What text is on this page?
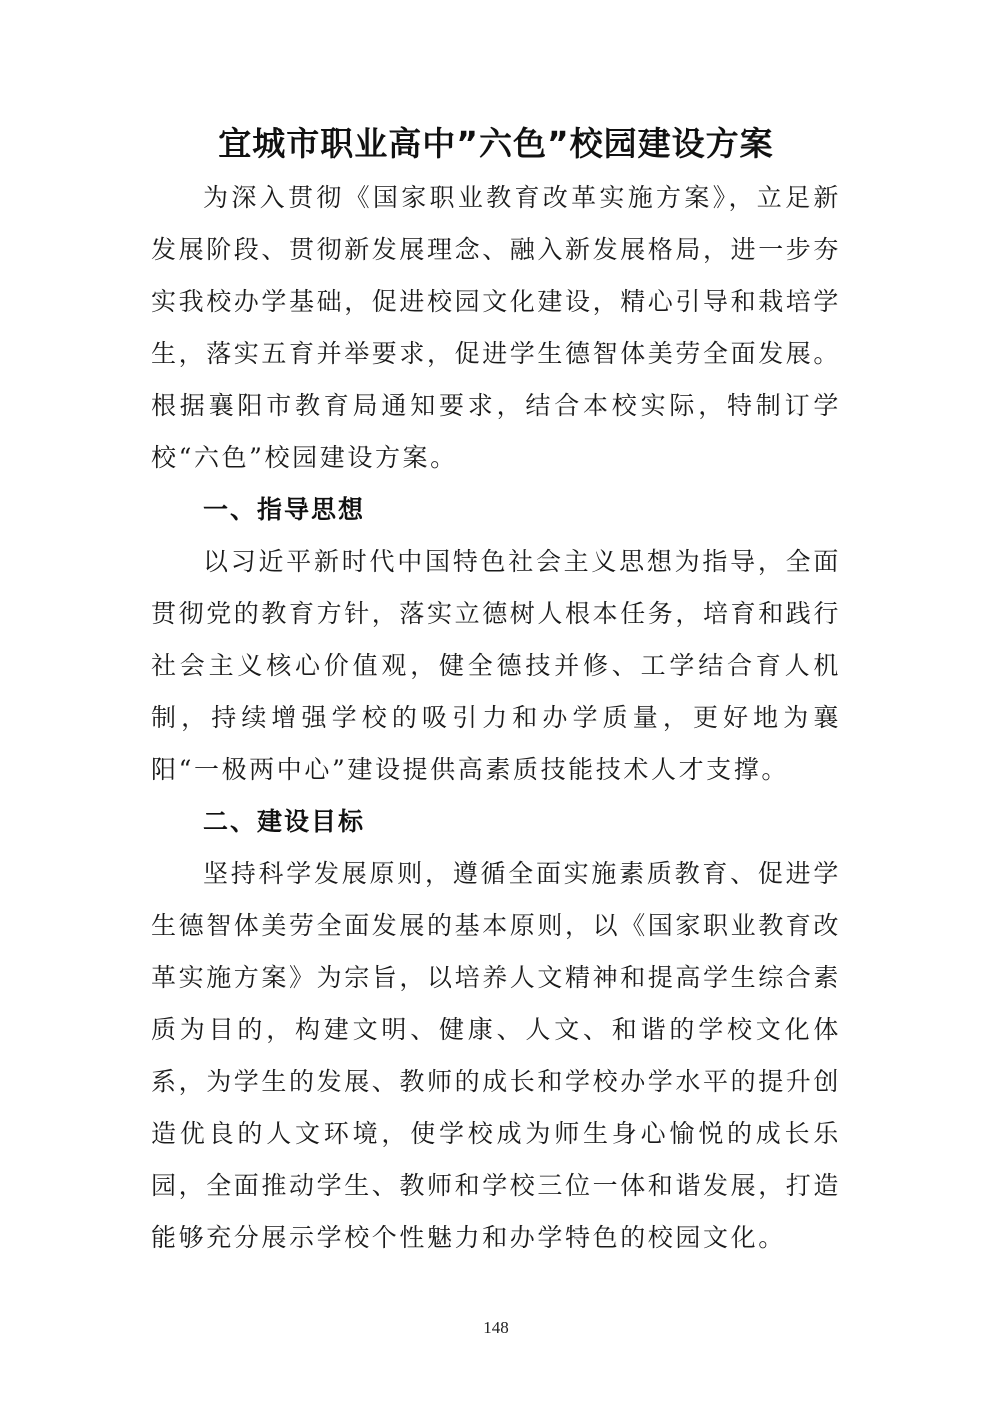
宜城市职业高中”六色”校园建设方案

为深入贯彻《国家职业教育改革实施方案》，立足新发展阶段、贯彻新发展理念、融入新发展格局，进一步夯实我校办学基础，促进校园文化建设，精心引导和栽培学生，落实五育并举要求，促进学生德智体美劳全面发展。根据襄阳市教育局通知要求，结合本校实际，特制订学校“六色”校园建设方案。

一、指导思想

以习近平新时代中国特色社会主义思想为指导，全面贯彻党的教育方针，落实立德树人根本任务，培育和践行社会主义核心价值观，健全德技并修、工学结合育人机制，持续增强学校的吸引力和办学质量，更好地为襄阳“一极两中心”建设提供高素质技能技术人才支撑。

二、建设目标

坚持科学发展原则，遵循全面实施素质教育、促进学生德智体美劳全面发展的基本原则，以《国家职业教育改革实施方案》为宗旨，以培养人文精神和提高学生综合素质为目的，构建文明、健康、人文、和谐的学校文化体系，为学生的发展、教师的成长和学校办学水平的提升创造优良的人文环境，使学校成为师生身心愉悦的成长乐园，全面推动学生、教师和学校三位一体和谐发展，打造能够充分展示学校个性魅力和办学特色的校园文化。

148
